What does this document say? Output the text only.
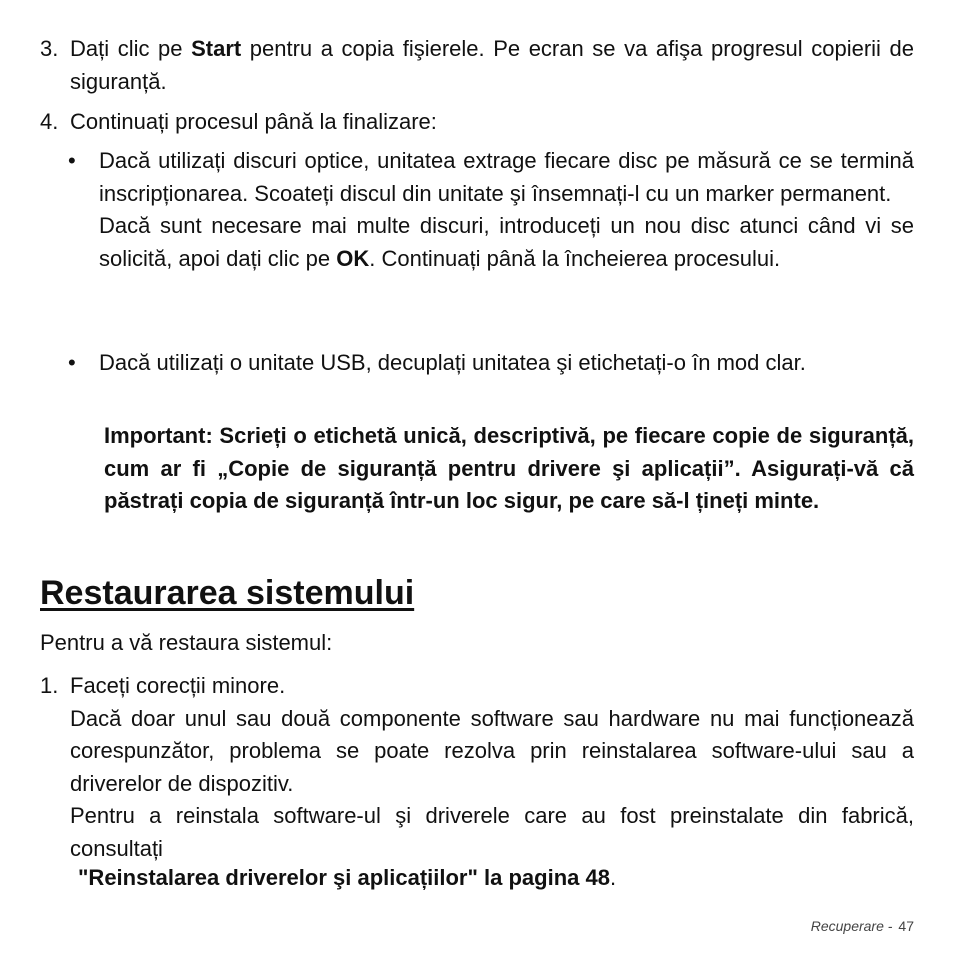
3. Dați clic pe Start pentru a copia fişierele. Pe ecran se va afişa progresul copierii de siguranță.
4. Continuați procesul până la finalizare:
• Dacă utilizați discuri optice, unitatea extrage fiecare disc pe măsură ce se termină inscripționarea. Scoateți discul din unitate şi însemnați-l cu un marker permanent.
Dacă sunt necesare mai multe discuri, introduceți un nou disc atunci când vi se solicită, apoi dați clic pe OK. Continuați până la încheierea procesului.
• Dacă utilizați o unitate USB, decuplați unitatea şi etichetați-o în mod clar.
Important: Scrieți o etichetă unică, descriptivă, pe fiecare copie de siguranță, cum ar fi „Copie de siguranță pentru drivere şi aplicații”. Asigurați-vă că păstrați copia de siguranță într-un loc sigur, pe care să-l țineți minte.
Restaurarea sistemului
Pentru a vă restaura sistemul:
1. Faceți corecții minore.
Dacă doar unul sau două componente software sau hardware nu mai funcționează corespunzător, problema se poate rezolva prin reinstalarea software-ului sau a driverelor de dispozitiv.
Pentru a reinstala software-ul şi driverele care au fost preinstalate din fabrică, consultați
"Reinstalarea driverelor şi aplicațiilor" la pagina 48.

Recuperare - 47
